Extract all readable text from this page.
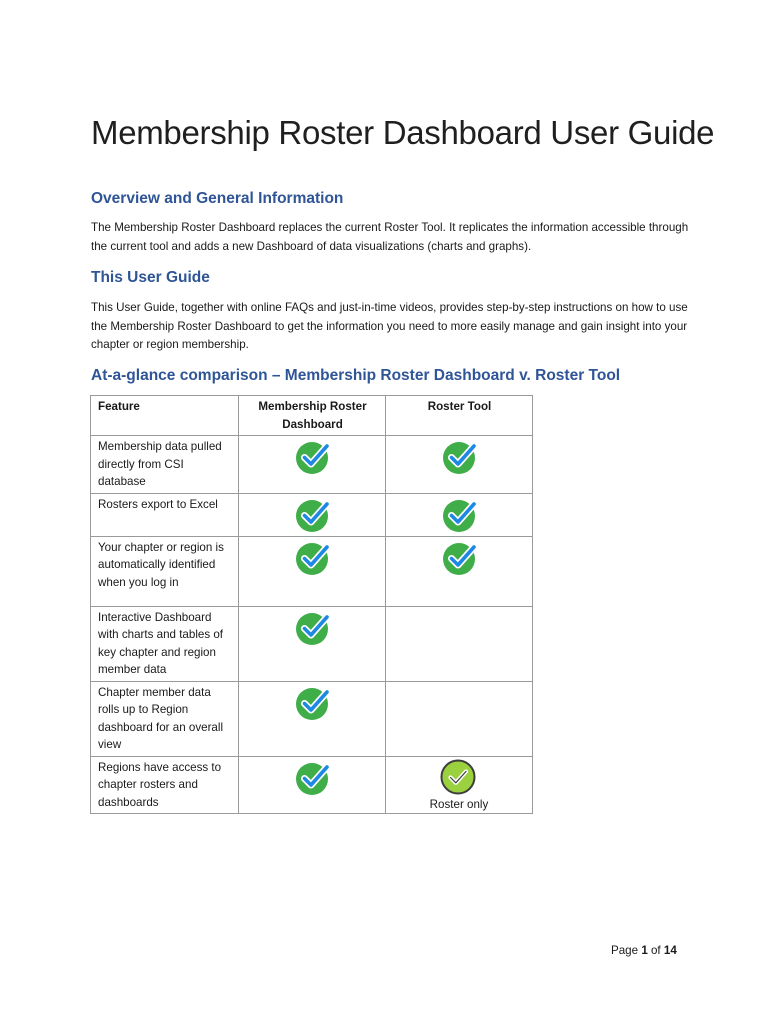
Membership Roster Dashboard User Guide
Overview and General Information

The Membership Roster Dashboard replaces the current Roster Tool. It replicates the information accessible through the current tool and adds a new Dashboard of data visualizations (charts and graphs).

This User Guide

This User Guide, together with online FAQs and just-in-time videos, provides step-by-step instructions on how to use the Membership Roster Dashboard to get the information you need to more easily manage and gain insight into your chapter or region membership.

At-a-glance comparison – Membership Roster Dashboard v. Roster Tool
Feature	Membership Roster Dashboard	Roster Tool
Membership data pulled directly from CSI database	

Rosters export to Excel	

Your chapter or region is automatically identified when you log in	

Interactive Dashboard with charts and tables of key chapter and region member data	

Chapter member data rolls up to Region dashboard for an overall view	

Regions have access to chapter rosters and dashboards		Roster only
Page 1 of 14
